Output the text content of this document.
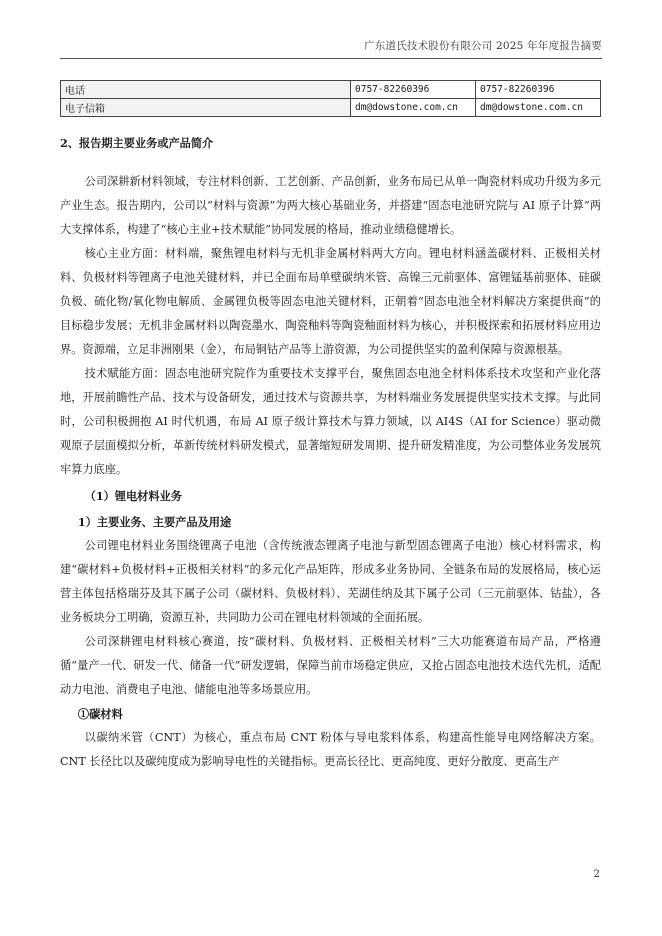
广东道氏技术股份有限公司 2025 年年度报告摘要
电话	0757-82260396	0757-82260396
电子信箱	dm@dowstone.com.cn	dm@dowstone.com.cn
2、报告期主要业务或产品简介

公司深耕新材料领域，专注材料创新、工艺创新、产品创新，业务布局已从单一陶瓷材料成功升级为多元产业生态。报告期内，公司以“材料与资源”为两大核心基础业务，并搭建“固态电池研究院与 AI 原子计算”两大支撑体系，构建了“核心主业+技术赋能”协同发展的格局，推动业绩稳健增长。

核心主业方面：材料端，聚焦锂电材料与无机非金属材料两大方向。锂电材料涵盖碳材料、正极相关材料、负极材料等锂离子电池关键材料，并已全面布局单壁碳纳米管、高镍三元前驱体、富锂锰基前驱体、硅碳负极、硫化物/氧化物电解质、金属锂负极等固态电池关键材料，正朝着“固态电池全材料解决方案提供商”的目标稳步发展；无机非金属材料以陶瓷墨水、陶瓷釉料等陶瓷釉面材料为核心，并积极探索和拓展材料应用边界。资源端，立足非洲刚果（金），布局铜钴产品等上游资源，为公司提供坚实的盈利保障与资源根基。

技术赋能方面：固态电池研究院作为重要技术支撑平台，聚焦固态电池全材料体系技术攻坚和产业化落地，开展前瞻性产品、技术与设备研发，通过技术与资源共享，为材料端业务发展提供坚实技术支撑。与此同时，公司积极拥抱 AI 时代机遇，布局 AI 原子级计算技术与算力领域，以 AI4S（AI for Science）驱动微观原子层面模拟分析，革新传统材料研发模式，显著缩短研发周期、提升研发精准度，为公司整体业务发展筑牢算力底座。

（1）锂电材料业务
1）主要业务、主要产品及用途

公司锂电材料业务围绕锂离子电池（含传统液态锂离子电池与新型固态锂离子电池）核心材料需求，构建“碳材料+负极材料+正极相关材料”的多元化产品矩阵，形成多业务协同、全链条布局的发展格局，核心运营主体包括格瑞芬及其下属子公司（碳材料、负极材料）、芜湖佳纳及其下属子公司（三元前驱体、钴盐），各业务板块分工明确，资源互补，共同助力公司在锂电材料领域的全面拓展。

公司深耕锂电材料核心赛道，按“碳材料、负极材料、正极相关材料”三大功能赛道布局产品，严格遵循“量产一代、研发一代、储备一代”研发逻辑，保障当前市场稳定供应，又抢占固态电池技术迭代先机，适配动力电池、消费电子电池、储能电池等多场景应用。

①碳材料

以碳纳米管（CNT）为核心，重点布局 CNT 粉体与导电浆料体系，构建高性能导电网络解决方案。CNT 长径比以及碳纯度成为影响导电性的关键指标。更高长径比、更高纯度、更好分散度、更高生产

2
